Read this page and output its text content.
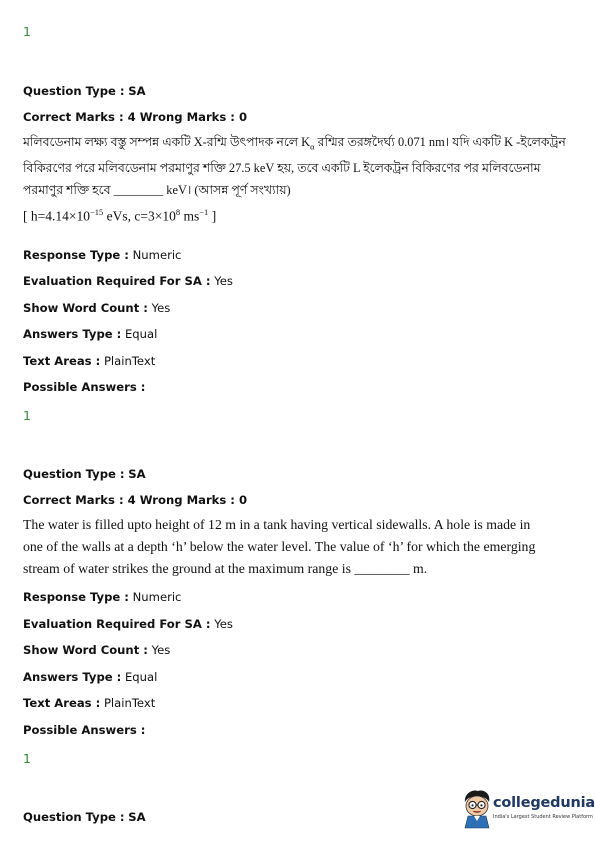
1
Question Type : SA
Correct Marks : 4 Wrong Marks : 0
মলিবডেনাম লক্ষ্য বস্তু সম্পন্ন একটি X-রশ্মি উৎপাদক নলে $K_\alpha$ রশ্মির তরঙ্গদৈর্ঘ্য 0.071 nm। যদি একটি K -ইলেকট্রন
বিকিরণের পরে মলিবডেনাম পরমাণুর শক্তি 27.5 keV হয়, তবে একটি L ইলেকট্রন বিকিরণের পর মলিবডেনাম
পরমাণুর শক্তি হবে ________ keV। (আসন্ন পূর্ণ সংখ্যায়)
[ $h=4.14\times 10^{-15}$ eVs, $c=3\times 10^8$ $ms^{-1}$ ]
Response Type : Numeric
Evaluation Required For SA : Yes
Show Word Count : Yes
Answers Type : Equal
Text Areas : PlainText
Possible Answers :
1
Question Type : SA
Correct Marks : 4 Wrong Marks : 0
The water is filled upto height of 12 m in a tank having vertical sidewalls. A hole is made in
one of the walls at a depth ‘h’ below the water level. The value of ‘h’ for which the emerging
stream of water strikes the ground at the maximum range is ________ m.
Response Type : Numeric
Evaluation Required For SA : Yes
Show Word Count : Yes
Answers Type : Equal
Text Areas : PlainText
Possible Answers :
1
Question Type : SA
collegedunia
India's Largest Student Review Platform
